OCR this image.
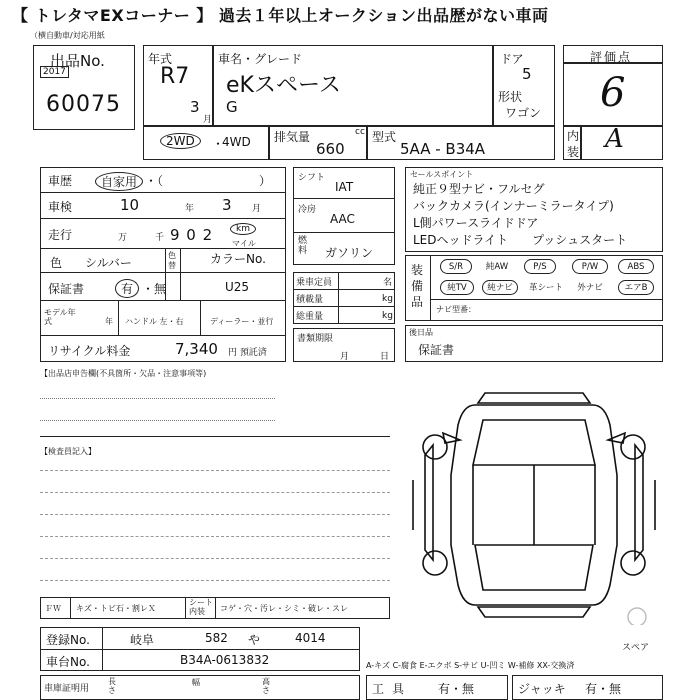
【 トレタマEXコーナー 】 過去１年以上オークション出品歴がない車両
（横自動車/対応用紙
出品No.
2017
60075
年式
R7
3
月
車名・グレード
eKスペース
G
ドア
5
形状
ワゴン
2WD	・
4WD 排気量	cc
660
型式
5AA - B34A
評価点
6
内
装 A
車歴	自家用 ・（　　　　　　　　）
車検	10	年 3 月
走行	万	千 9 0 2	km
マイル
色 シルバー
色替	カラーNo.
U25
保証書	有 ・無
モデル年式	年 ハンドル 左・右	ディーラー・並行
リサイクル料金	7,340 円 預託済
シフト
IAT
冷房
AAC
燃料 ガソリン
乗車定員	名
積載量	kg
総重量	kg
書類期限
月	日
セールスポイント
純正９型ナビ・フルセグ
バックカメラ(インナーミラータイプ)
L側パワースライドドア
LEDヘッドライト　　プッシュスタート
装備品
S/R	純AW	P/S	P/W	ABS
純TV	純ナビ	革シート	外ナビ	エアB
ナビ型番：
後日品
保証書
【出品店申告欄(不具箇所・欠品・注意事項等)
【検査員記入】
スペア
ＦＷ キズ・トビ石・割レＸ
シート内装	コゲ・穴・汚レ・シミ・破レ・スレ
登録No.	岐阜	582 や	4014
車台No.	B34A-0613832	A-キズ C-腐食 E-エクボ S-サビ U-凹ミ W-補修 XX-交換済
車庫証明用
長さ
幅	高さ	工具 有・無	ジャッキ 有・無
